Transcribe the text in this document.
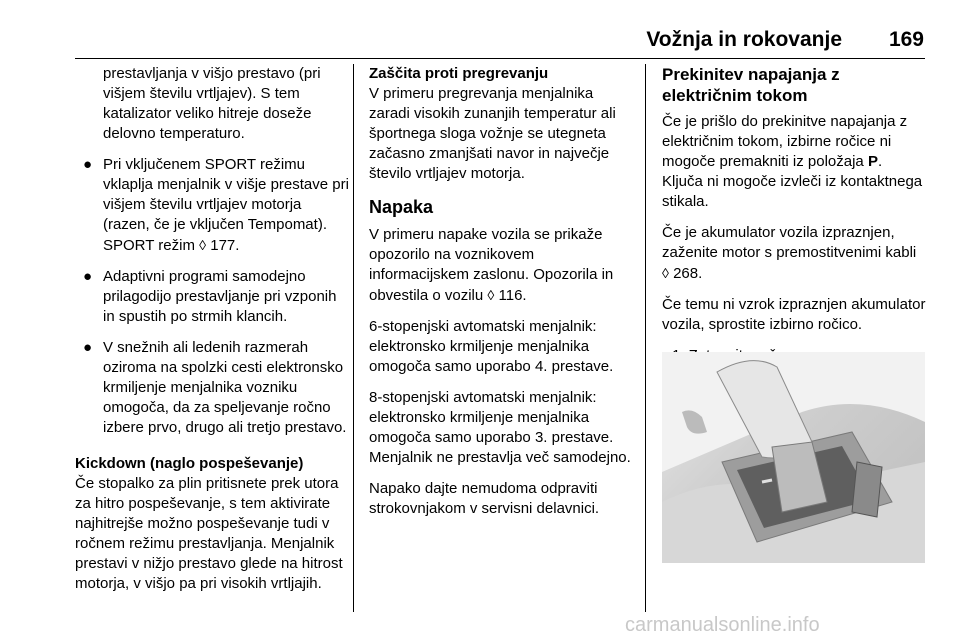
Vožnja in rokovanje 169

prestavljanja v višjo prestavo (pri višjem številu vrtljajev). S tem katalizator veliko hitreje doseže delovno temperaturo.

● Pri vključenem SPORT režimu vklaplja menjalnik v višje prestave pri višjem številu vrtljajev motorja (razen, če je vključen Tempomat). SPORT režim ◊ 177.
● Adaptivni programi samodejno prilagodijo prestavljanje pri vzponih in spustih po strmih klancih.
● V snežnih ali ledenih razmerah oziroma na spolzki cesti elektronsko krmiljenje menjalnika vozniku omogoča, da za speljevanje ročno izbere prvo, drugo ali tretjo prestavo.
Kickdown (naglo pospeševanje)

Če stopalko za plin pritisnete prek utora za hitro pospeševanje, s tem aktivirate najhitrejše možno pospeševanje tudi v ročnem režimu prestavljanja. Menjalnik prestavi v nižjo prestavo glede na hitrost motorja, v višjo pa pri visokih vrtljajih.

Zaščita proti pregrevanju

V primeru pregrevanja menjalnika zaradi visokih zunanjih temperatur ali športnega sloga vožnje se utegneta začasno zmanjšati navor in največje število vrtljajev motorja.

Napaka

V primeru napake vozila se prikaže opozorilo na voznikovem informacijskem zaslonu. Opozorila in obvestila o vozilu ◊ 116.

6-stopenjski avtomatski menjalnik: elektronsko krmiljenje menjalnika omogoča samo uporabo 4. prestave.

8-stopenjski avtomatski menjalnik: elektronsko krmiljenje menjalnika omogoča samo uporabo 3. prestave. Menjalnik ne prestavlja več samodejno.

Napako dajte nemudoma odpraviti strokovnjakom v servisni delavnici.

Prekinitev napajanja z električnim tokom

Če je prišlo do prekinitve napajanja z električnim tokom, izbirne ročice ni mogoče premakniti iz položaja P. Ključa ni mogoče izvleči iz kontaktnega stikala.

Če je akumulator vozila izpraznjen, zaženite motor s premostitvenimi kabli ◊ 268.

Če temu ni vzrok izpraznjen akumulator vozila, sprostite izbirno ročico.

carmanualsonline.info
